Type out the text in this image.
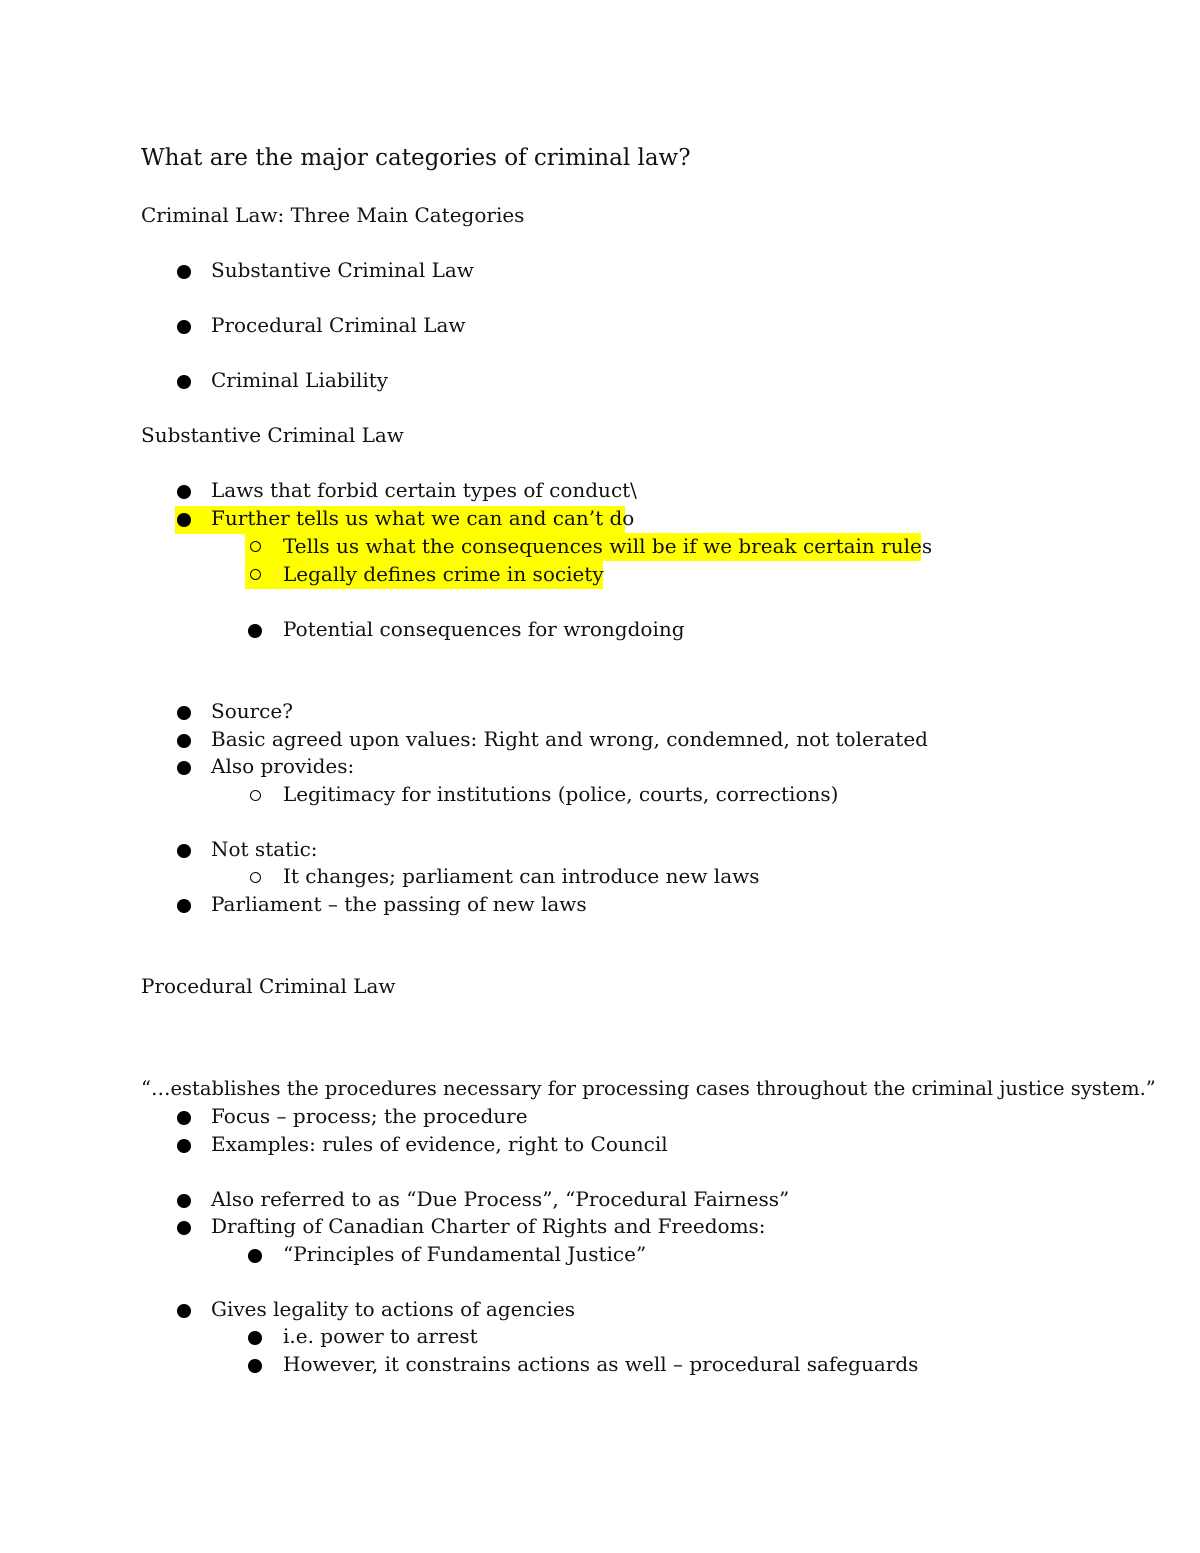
What are the major categories of criminal law?
Criminal Law: Three Main Categories
Substantive Criminal Law
Procedural Criminal Law
Criminal Liability
Substantive Criminal Law
Laws that forbid certain types of conduct\
Further tells us what we can and can’t do
Tells us what the consequences will be if we break certain rules
Legally defines crime in society
Potential consequences for wrongdoing
Source?
Basic agreed upon values: Right and wrong, condemned, not tolerated
Also provides:
Legitimacy for institutions (police, courts, corrections)
Not static:
It changes; parliament can introduce new laws
Parliament – the passing of new laws
Procedural Criminal Law
“…establishes the procedures necessary for processing cases throughout the criminal justice system.”
Focus – process; the procedure
Examples: rules of evidence, right to Council
Also referred to as “Due Process”, “Procedural Fairness”
Drafting of Canadian Charter of Rights and Freedoms:
“Principles of Fundamental Justice”
Gives legality to actions of agencies
i.e. power to arrest
However, it constrains actions as well – procedural safeguards
